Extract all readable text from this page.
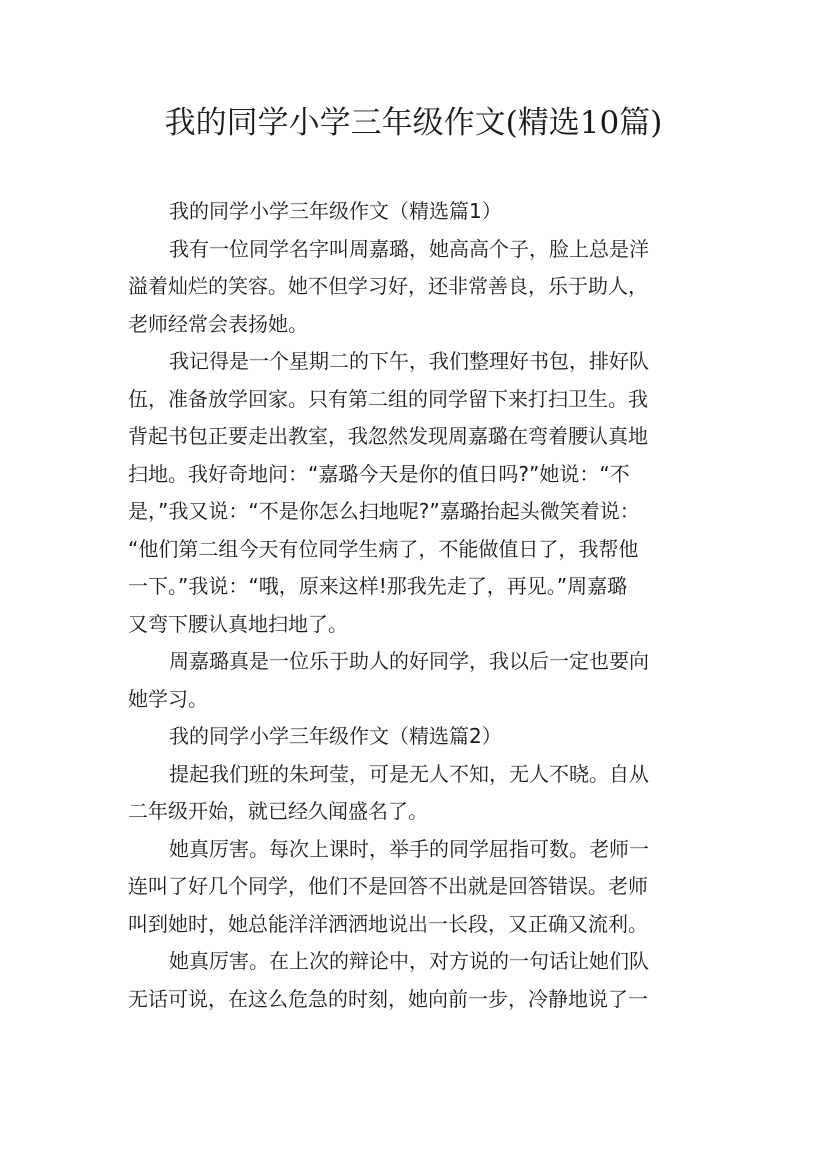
我的同学小学三年级作文(精选10篇)
我的同学小学三年级作文（精选篇1）
我有一位同学名字叫周嘉璐，她高高个子，脸上总是洋
溢着灿烂的笑容。她不但学习好，还非常善良，乐于助人，
老师经常会表扬她。
我记得是一个星期二的下午，我们整理好书包，排好队
伍，准备放学回家。只有第二组的同学留下来打扫卫生。我
背起书包正要走出教室，我忽然发现周嘉璐在弯着腰认真地
扫地。我好奇地问：“嘉璐今天是你的值日吗?”她说：“不
是，”我又说：“不是你怎么扫地呢?”嘉璐抬起头微笑着说：
“他们第二组今天有位同学生病了，不能做值日了，我帮他
一下。”我说：“哦，原来这样!那我先走了，再见。”周嘉璐
又弯下腰认真地扫地了。
周嘉璐真是一位乐于助人的好同学，我以后一定也要向
她学习。
我的同学小学三年级作文（精选篇2）
提起我们班的朱珂莹，可是无人不知，无人不晓。自从
二年级开始，就已经久闻盛名了。
她真厉害。每次上课时，举手的同学屈指可数。老师一
连叫了好几个同学，他们不是回答不出就是回答错误。老师
叫到她时，她总能洋洋洒洒地说出一长段，又正确又流利。
她真厉害。在上次的辩论中，对方说的一句话让她们队
无话可说，在这么危急的时刻，她向前一步，冷静地说了一
